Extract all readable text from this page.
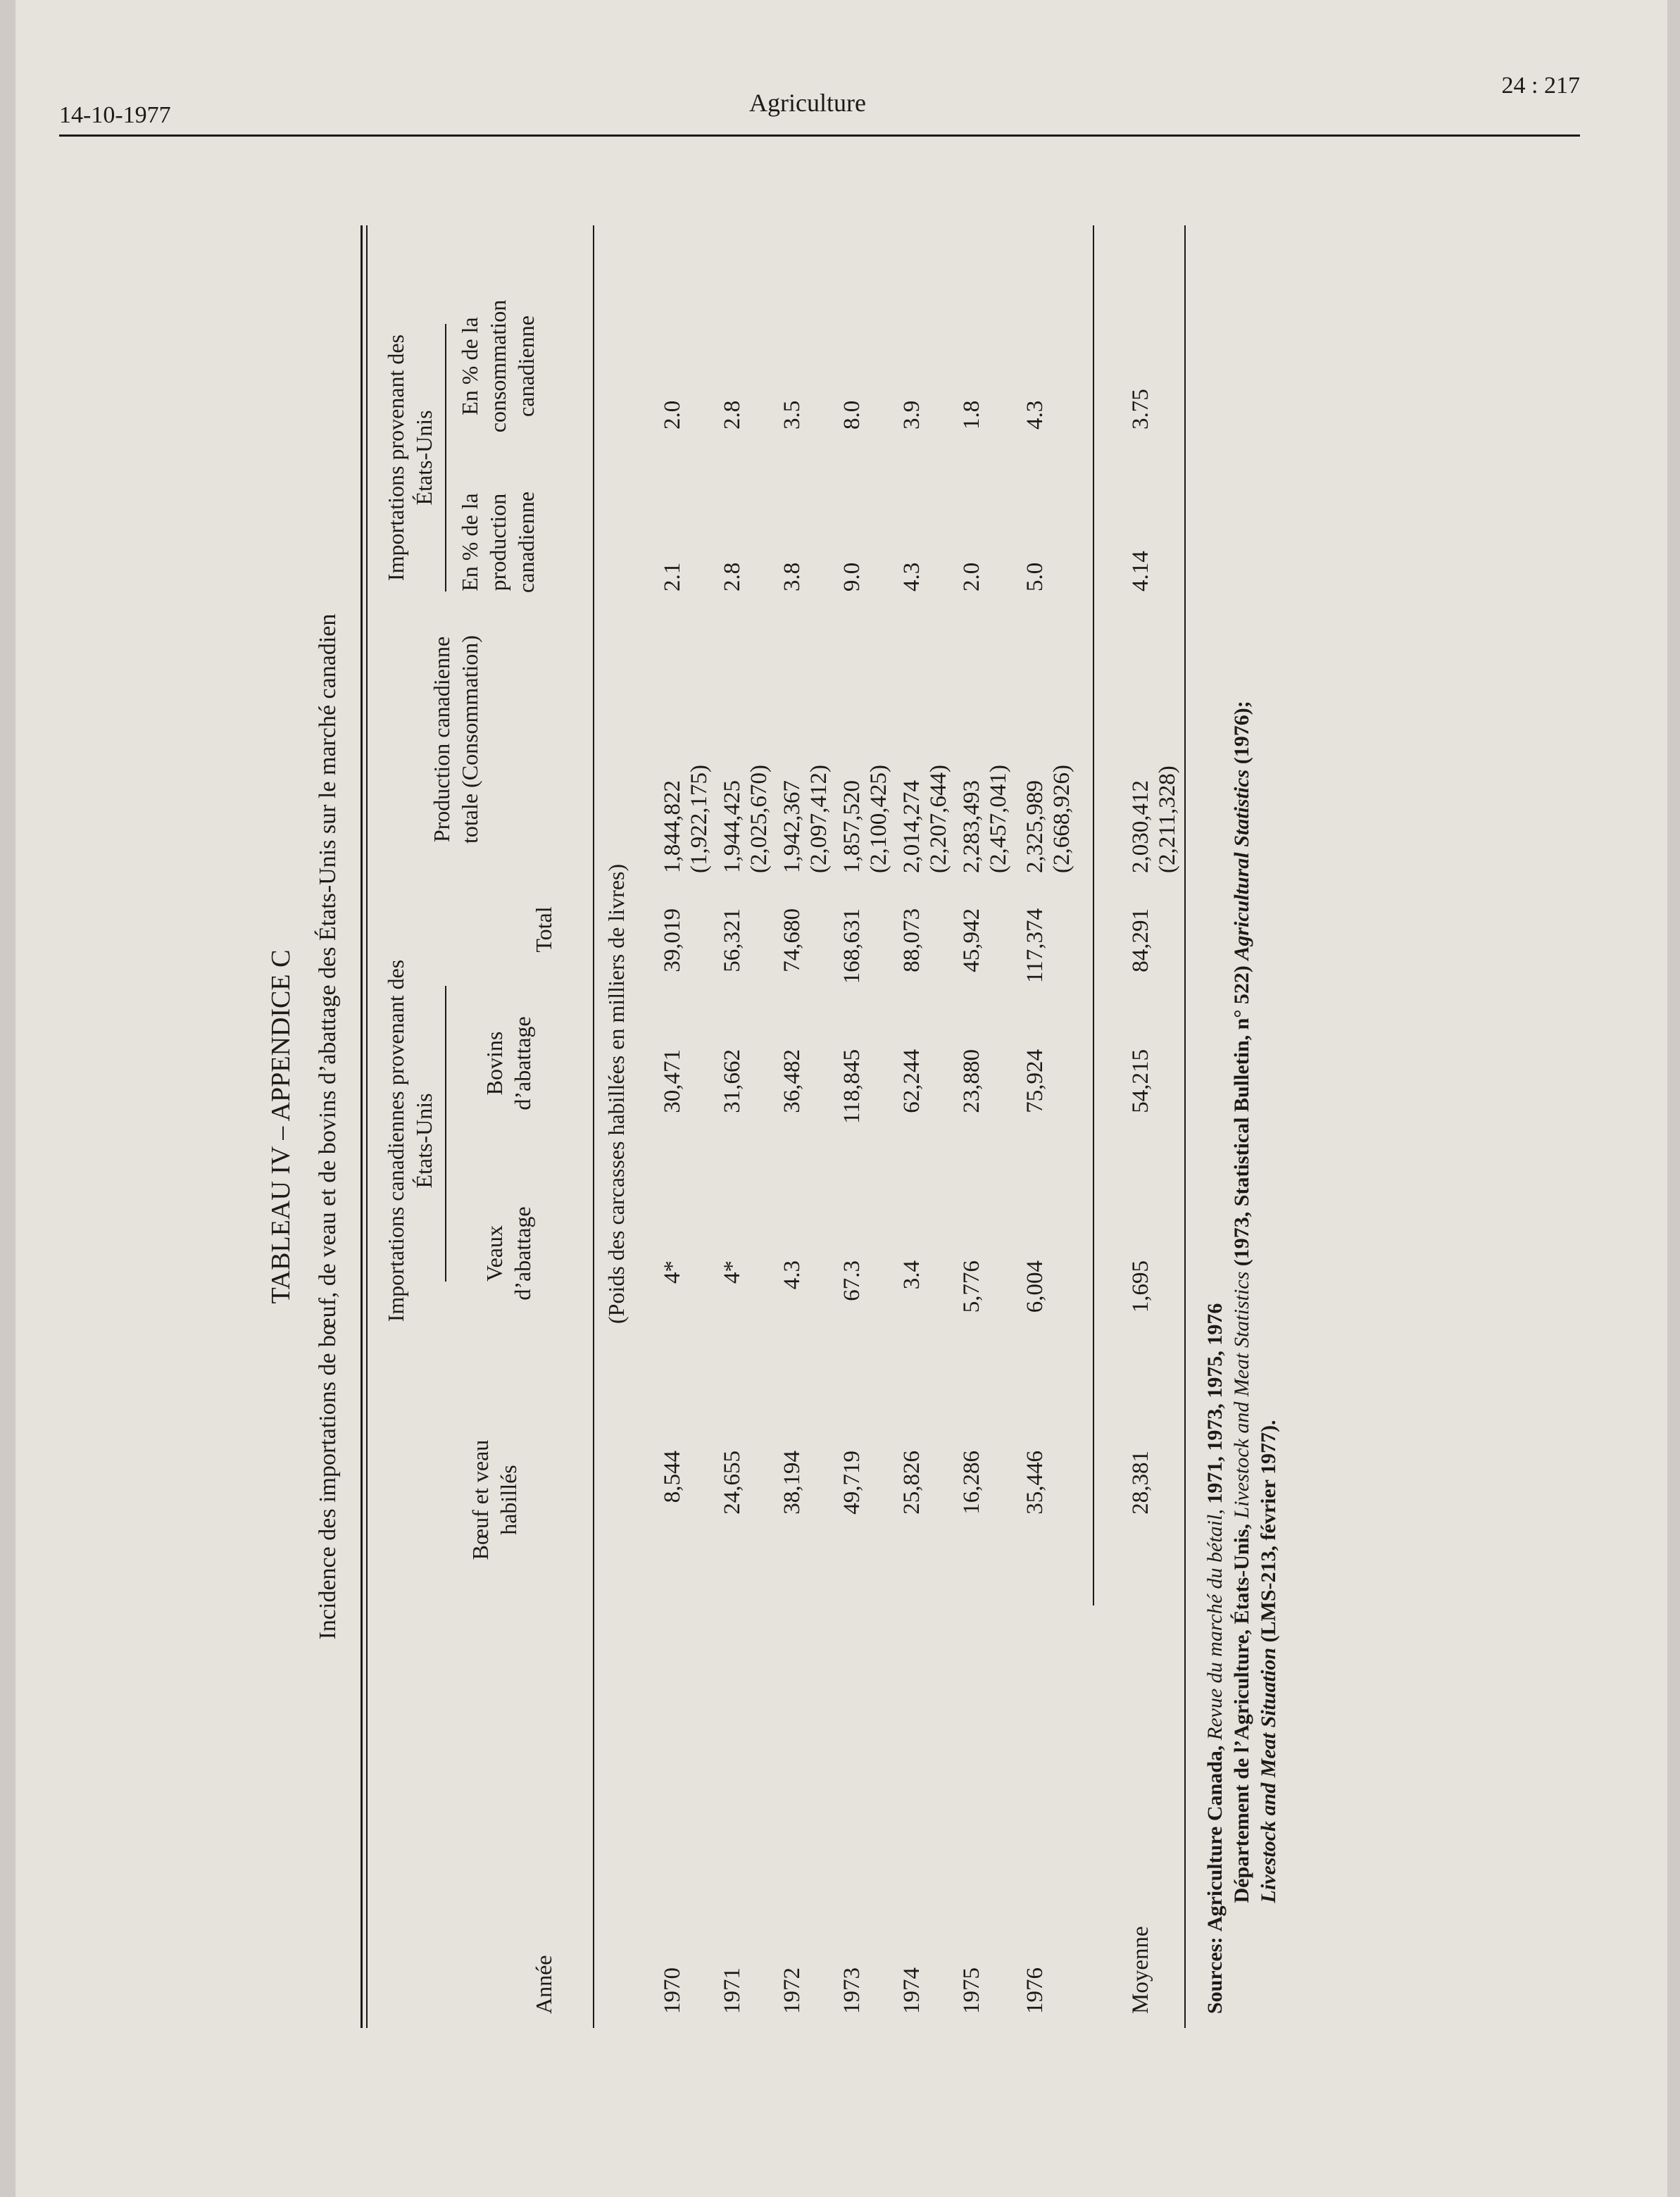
14-10-1977	Agriculture
24 : 217
TABLEAU IV – APPENDICE C Incidence des importations de bœuf, de veau et de bovins d’abattage des États-Unis sur le marché canadien Importations canadiennes provenant des États-Unis
Importations provenant des États-Unis
Année
Bœuf et veau habillés
Veaux d’abattage
Bovins d’abattage
Total
Production canadienne totale (Consommation)
En % de la production canadienne
En % de la consommation canadienne
(Poids des carcasses habillées en milliers de livres)
1970
8,544
4*
30,471
39,019
1,844,822
2.1
2.0
(1,922,175)
1971
24,655
4*
31,662
56,321
1,944,425
2.8
2.8
(2,025,670)
1972
38,194
4.3
36,482
74,680
1,942,367
3.8
3.5
(2,097,412)
1973
49,719
67.3
118,845
168,631
1,857,520
9.0
8.0
(2,100,425)
1974
25,826
3.4
62,244
88,073
2,014,274
4.3
3.9
(2,207,644)
1975
16,286
5,776
23,880
45,942
2,283,493
2.0
1.8
(2,457,041)
1976
35,446
6,004
75,924
117,374
2,325,989
5.0
4.3
(2,668,926)
Moyenne
28,381
1,695
54,215
84,291
2,030,412
4.14
3.75
(2,211,328)
Sources: Agriculture Canada, Revue du marché du bétail, 1971, 1973, 1975, 1976
Département de l’Agriculture, États-Unis, Livestock and Meat Statistics (1973, Statistical Bulletin, n° 522) Agricultural Statistics (1976);
Livestock and Meat Situation (LMS-213, février 1977).
